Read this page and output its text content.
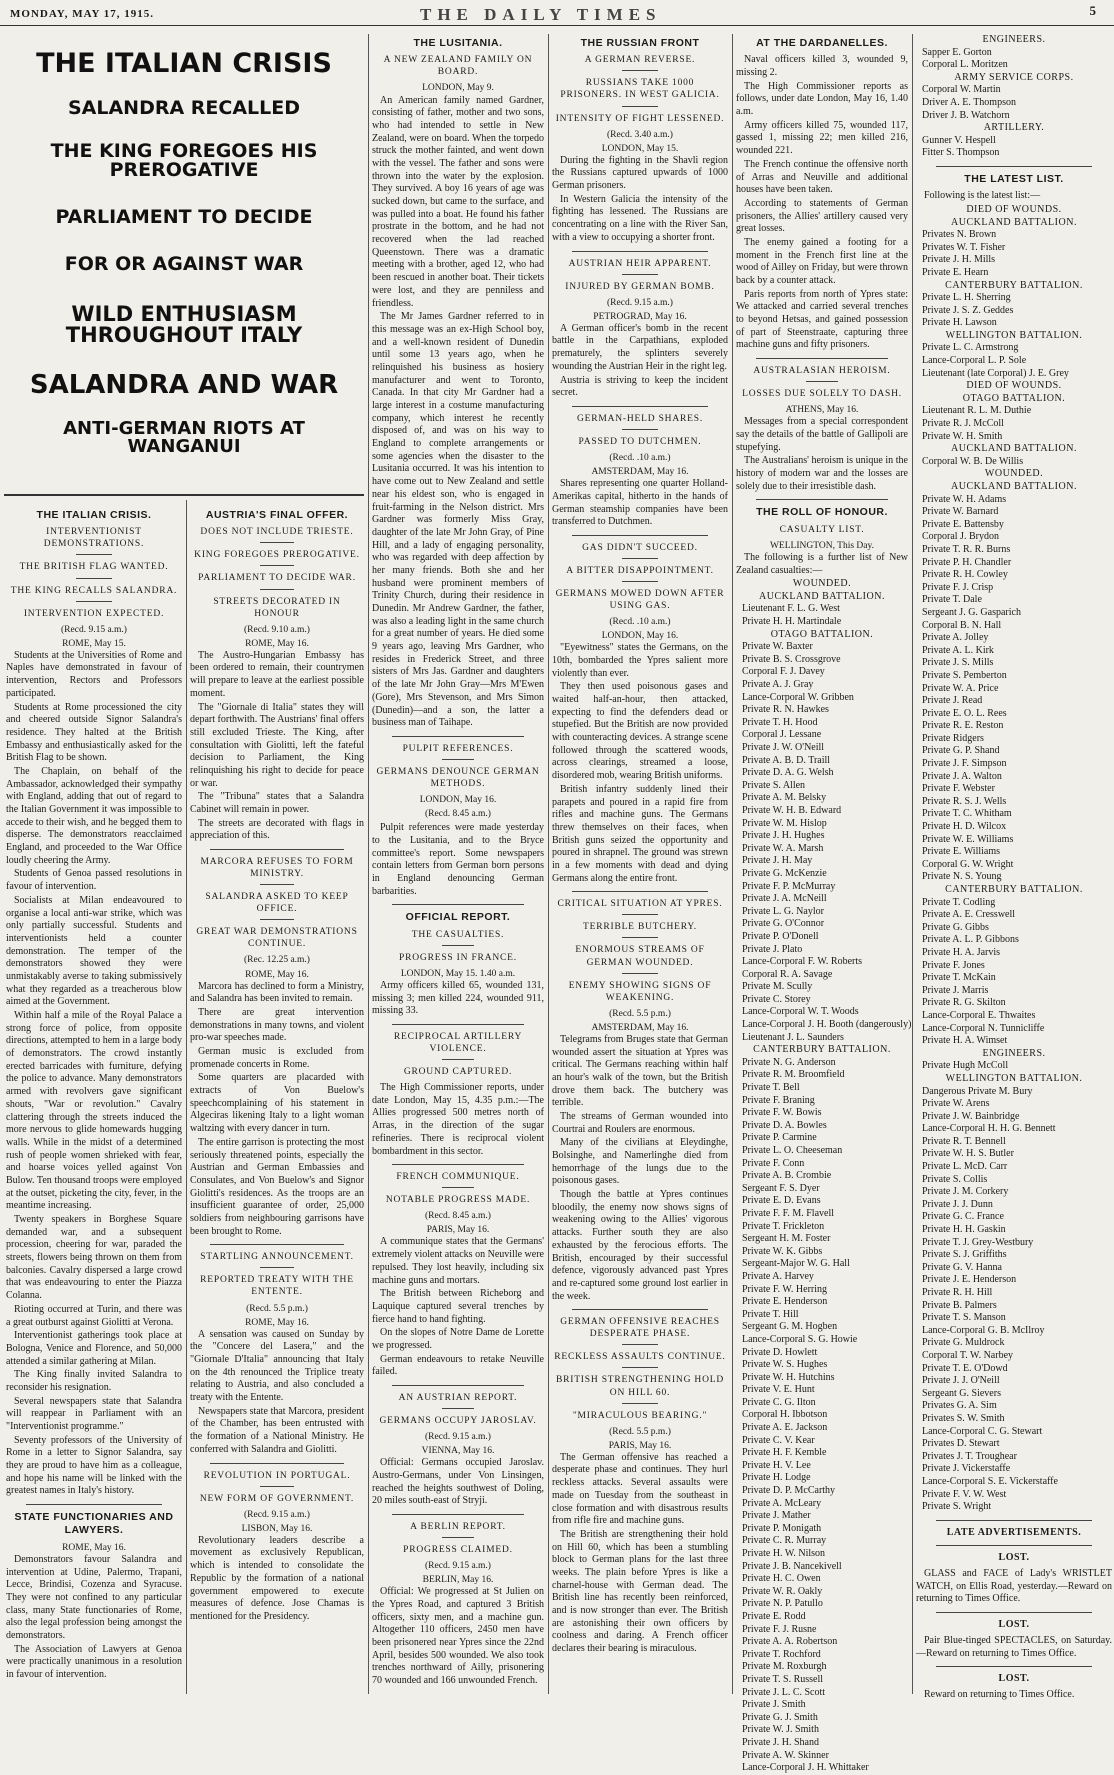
MONDAY, MAY 17, 1915.	THE DAILY TIMES	5
THE ITALIAN CRISIS
SALANDRA RECALLED
THE KING FOREGOES HIS PREROGATIVE
PARLIAMENT TO DECIDE
FOR OR AGAINST WAR
WILD ENTHUSIASM THROUGHOUT ITALY
SALANDRA AND WAR
ANTI-GERMAN RIOTS AT WANGANUI
THE ITALIAN CRISIS.
INTERVENTIONIST DEMONSTRATIONS.
THE BRITISH FLAG WANTED.
THE KING RECALLS SALANDRA.
INTERVENTION EXPECTED.
(Recd. 9.15 a.m.)
ROME, May 15.

Students at the Universities of Rome and Naples have demonstrated in favour of intervention, Rectors and Professors participated.

Students at Rome processioned the city and cheered outside Signor Salandra's residence. They halted at the British Embassy and enthusiastically asked for the British Flag to be shown.

The Chaplain, on behalf of the Ambassador, acknowledged their sympathy with England, adding that out of regard to the Italian Government it was impossible to accede to their wish, and he begged them to disperse. The demonstrators reacclaimed England, and proceeded to the War Office loudly cheering the Army.

Students of Genoa passed resolutions in favour of intervention.

Socialists at Milan endeavoured to organise a local anti-war strike, which was only partially successful. Students and interventionists held a counter demonstration. The temper of the demonstrators showed they were unmistakably averse to taking submissively what they regarded as a treacherous blow aimed at the Government.

Within half a mile of the Royal Palace a strong force of police, from opposite directions, attempted to hem in a large body of demonstrators. The crowd instantly erected barricades with furniture, defying the police to advance. Many demonstrators armed with revolvers gave significant shouts, "War or revolution." Cavalry clattering through the streets induced the more nervous to glide homewards hugging walls. While in the midst of a determined rush of people women shrieked with fear, and hoarse voices yelled against Von Bulow. Ten thousand troops were employed at the outset, picketing the city, fever, in the meantime increasing.

Twenty speakers in Borghese Square demanded war, and a subsequent procession, cheering for war, paraded the streets, flowers being thrown on them from balconies. Cavalry dispersed a large crowd that was endeavouring to enter the Piazza Colanna.

Rioting occurred at Turin, and there was a great outburst against Giolitti at Verona.

Interventionist gatherings took place at Bologna, Venice and Florence, and 50,000 attended a similar gathering at Milan.

The King finally invited Salandra to reconsider his resignation.

Several newspapers state that Salandra will reappear in Parliament with an "Interventionist programme."

Seventy professors of the University of Rome in a letter to Signor Salandra, say they are proud to have him as a colleague, and hope his name will be linked with the greatest names in Italy's history.

STATE FUNCTIONARIES AND LAWYERS.
ROME, May 16.

Demonstrators favour Salandra and intervention at Udine, Palermo, Trapani, Lecce, Brindisi, Cozenza and Syracuse. They were not confined to any particular class, many State functionaries of Rome, also the legal profession being amongst the demonstrators.

The Association of Lawyers at Genoa were practically unanimous in a resolution in favour of intervention.

AUSTRIA'S FINAL OFFER.
DOES NOT INCLUDE TRIESTE.
KING FOREGOES PREROGATIVE.
PARLIAMENT TO DECIDE WAR.
STREETS DECORATED IN HONOUR
(Recd. 9.10 a.m.)
ROME, May 16.

The Austro-Hungarian Embassy has been ordered to remain, their countrymen will prepare to leave at the earliest possible moment.

The "Giornale di Italia" states they will depart forthwith. The Austrians' final offers still excluded Trieste. The King, after consultation with Giolitti, left the fateful decision to Parliament, the King relinquishing his right to decide for peace or war.

The "Tribuna" states that a Salandra Cabinet will remain in power.

The streets are decorated with flags in appreciation of this.

MARCORA REFUSES TO FORM MINISTRY.
SALANDRA ASKED TO KEEP OFFICE.
GREAT WAR DEMONSTRATIONS CONTINUE.
(Rec. 12.25 a.m.)
ROME, May 16.

Marcora has declined to form a Ministry, and Salandra has been invited to remain.

There are great intervention demonstrations in many towns, and violent pro-war speeches made.

German music is excluded from promenade concerts in Rome.

Some quarters are placarded with extracts of Von Buelow's speechcomplaining of his statement in Algeciras likening Italy to a light woman waltzing with every dancer in turn.

The entire garrison is protecting the most seriously threatened points, especially the Austrian and German Embassies and Consulates, and Von Buelow's and Signor Giolitti's residences. As the troops are an insufficient guarantee of order, 25,000 soldiers from neighbouring garrisons have been brought to Rome.

STARTLING ANNOUNCEMENT.
REPORTED TREATY WITH THE ENTENTE.
(Recd. 5.5 p.m.)
ROME, May 16.

A sensation was caused on Sunday by the "Concere del Lasera," and the "Giornale D'Italia" announcing that Italy on the 4th renounced the Triplice treaty relating to Austria, and also concluded a treaty with the Entente.

Newspapers state that Marcora, president of the Chamber, has been entrusted with the formation of a National Ministry. He conferred with Salandra and Giolitti.

REVOLUTION IN PORTUGAL.
NEW FORM OF GOVERNMENT.
(Recd. 9.15 a.m.)
LISBON, May 16.

Revolutionary leaders describe a movement as exclusively Republican, which is intended to consolidate the Republic by the formation of a national government empowered to execute measures of defence. Jose Chamas is mentioned for the Presidency.

THE LUSITANIA.
A NEW ZEALAND FAMILY ON BOARD.
LONDON, May 9.

An American family named Gardner, consisting of father, mother and two sons, who had intended to settle in New Zealand, were on board. When the torpedo struck the mother fainted, and went down with the vessel. The father and sons were thrown into the water by the explosion. They survived. A boy 16 years of age was sucked down, but came to the surface, and was pulled into a boat. He found his father prostrate in the bottom, and he had not recovered when the lad reached Queenstown. There was a dramatic meeting with a brother, aged 12, who had been rescued in another boat. Their tickets were lost, and they are penniless and friendless.

The Mr James Gardner referred to in this message was an ex-High School boy, and a well-known resident of Dunedin until some 13 years ago, when he relinquished his business as hosiery manufacturer and went to Toronto, Canada. In that city Mr Gardner had a large interest in a costume manufacturing company, which interest he recently disposed of, and was on his way to England to complete arrangements or some agencies when the disaster to the Lusitania occurred. It was his intention to have come out to New Zealand and settle near his eldest son, who is engaged in fruit-farming in the Nelson district. Mrs Gardner was formerly Miss Gray, daughter of the late Mr John Gray, of Pine Hill, and a lady of engaging personality, who was regarded with deep affection by her many friends. Both she and her husband were prominent members of Trinity Church, during their residence in Dunedin. Mr Andrew Gardner, the father, was also a leading light in the same church for a great number of years. He died some 9 years ago, leaving Mrs Gardner, who resides in Frederick Street, and three sisters of Mrs Jas. Gardner and daughters of the late Mr John Gray—Mrs M'Ewen (Gore), Mrs Stevenson, and Mrs Simon (Dunedin)—and a son, the latter a business man of Taihape.

PULPIT REFERENCES.
GERMANS DENOUNCE GERMAN METHODS.
LONDON, May 16.
(Recd. 8.45 a.m.)

Pulpit references were made yesterday to the Lusitania, and to the Bryce committee's report. Some newspapers contain letters from German born persons in England denouncing German barbarities.

OFFICIAL REPORT.
THE CASUALTIES.
PROGRESS IN FRANCE.
LONDON, May 15. 1.40 a.m.

Army officers killed 65, wounded 131, missing 3; men killed 224, wounded 911, missing 33.

RECIPROCAL ARTILLERY VIOLENCE.
GROUND CAPTURED.

The High Commissioner reports, under date London, May 15, 4.35 p.m.:—The Allies progressed 500 metres north of Arras, in the direction of the sugar refineries. There is reciprocal violent bombardment in this sector.

FRENCH COMMUNIQUE.
NOTABLE PROGRESS MADE.
(Recd. 8.45 a.m.)
PARIS, May 16.

A communique states that the Germans' extremely violent attacks on Neuville were repulsed. They lost heavily, including six machine guns and mortars.

The British between Richeborg and Laquique captured several trenches by fierce hand to hand fighting.

On the slopes of Notre Dame de Lorette we progressed.

German endeavours to retake Neuville failed.

AN AUSTRIAN REPORT.
GERMANS OCCUPY JAROSLAV.
(Recd. 9.15 a.m.)
VIENNA, May 16.

Official: Germans occupied Jaroslav. Austro-Germans, under Von Linsingen, reached the heights southwest of Doling, 20 miles south-east of Stryji.

A BERLIN REPORT.
PROGRESS CLAIMED.
(Recd. 9.15 a.m.)
BERLIN, May 16.

Official: We progressed at St Julien on the Ypres Road, and captured 3 British officers, sixty men, and a machine gun. Altogether 110 officers, 2450 men have been prisonered near Ypres since the 22nd April, besides 500 wounded. We also took trenches northward of Ailly, prisonering 70 wounded and 166 unwounded French.

THE RUSSIAN FRONT
A GERMAN REVERSE.
RUSSIANS TAKE 1000 PRISONERS. IN WEST GALICIA.
INTENSITY OF FIGHT LESSENED.
(Recd. 3.40 a.m.)
LONDON, May 15.

During the fighting in the Shavli region the Russians captured upwards of 1000 German prisoners.

In Western Galicia the intensity of the fighting has lessened. The Russians are concentrating on a line with the River San, with a view to occupying a shorter front.

AUSTRIAN HEIR APPARENT.
INJURED BY GERMAN BOMB.
(Recd. 9.15 a.m.)
PETROGRAD, May 16.

A German officer's bomb in the recent battle in the Carpathians, exploded prematurely, the splinters severely wounding the Austrian Heir in the right leg.

Austria is striving to keep the incident secret.

GERMAN-HELD SHARES.
PASSED TO DUTCHMEN.
(Recd. .10 a.m.)
AMSTERDAM, May 16.

Shares representing one quarter Holland-Amerikas capital, hitherto in the hands of German steamship companies have been transferred to Dutchmen.

GAS DIDN'T SUCCEED.
A BITTER DISAPPOINTMENT.
GERMANS MOWED DOWN AFTER USING GAS.
(Recd. .10 a.m.)
LONDON, May 16.

"Eyewitness" states the Germans, on the 10th, bombarded the Ypres salient more violently than ever.

They then used poisonous gases and waited half-an-hour, then attacked, expecting to find the defenders dead or stupefied. But the British are now provided with counteracting devices. A strange scene followed through the scattered woods, across clearings, streamed a loose, disordered mob, wearing British uniforms.

British infantry suddenly lined their parapets and poured in a rapid fire from rifles and machine guns. The Germans threw themselves on their faces, when British guns seized the opportunity and poured in shrapnel. The ground was strewn in a few moments with dead and dying Germans along the entire front.

CRITICAL SITUATION AT YPRES.
TERRIBLE BUTCHERY.
ENORMOUS STREAMS OF GERMAN WOUNDED.
ENEMY SHOWING SIGNS OF WEAKENING.
(Recd. 5.5 p.m.)
AMSTERDAM, May 16.

Telegrams from Bruges state that German wounded assert the situation at Ypres was critical. The Germans reaching within half an hour's walk of the town, but the British drove them back. The butchery was terrible.

The streams of German wounded into Courtrai and Roulers are enormous.

Many of the civilians at Eleydinghe, Bolsinghe, and Namerlinghe died from hemorrhage of the lungs due to the poisonous gases.

Though the battle at Ypres continues bloodily, the enemy now shows signs of weakening owing to the Allies' vigorous attacks. Further south they are also exhausted by the ferocious efforts. The British, encouraged by their successful defence, vigorously advanced past Ypres and re-captured some ground lost earlier in the week.

GERMAN OFFENSIVE REACHES DESPERATE PHASE.
RECKLESS ASSAULTS CONTINUE.
BRITISH STRENGTHENING HOLD ON HILL 60.
"MIRACULOUS BEARING."
(Recd. 5.5 p.m.)
PARIS, May 16.

The German offensive has reached a desperate phase and continues. They hurl reckless attacks. Several assaults were made on Tuesday from the southeast in close formation and with disastrous results from rifle fire and machine guns.

The British are strengthening their hold on Hill 60, which has been a stumbling block to German plans for the last three weeks. The plain before Ypres is like a charnel-house with German dead. The British line has recently been reinforced, and is now stronger than ever. The British are astonishing their own officers by coolness and daring. A French officer declares their bearing is miraculous.

AT THE DARDANELLES.

Naval officers killed 3, wounded 9, missing 2.

The High Commissioner reports as follows, under date London, May 16, 1.40 a.m.

Army officers killed 75, wounded 117, gassed 1, missing 22; men killed 216, wounded 221.

The French continue the offensive north of Arras and Neuville and additional houses have been taken.

According to statements of German prisoners, the Allies' artillery caused very great losses.

The enemy gained a footing for a moment in the French first line at the wood of Ailley on Friday, but were thrown back by a counter attack.

Paris reports from north of Ypres state: We attacked and carried several trenches to beyond Hetsas, and gained possession of part of Steenstraate, capturing three machine guns and fifty prisoners.

AUSTRALASIAN HEROISM.
LOSSES DUE SOLELY TO DASH.
ATHENS, May 16.

Messages from a special correspondent say the details of the battle of Gallipoli are stupefying.

The Australians' heroism is unique in the history of modern war and the losses are solely due to their irresistible dash.

THE ROLL OF HONOUR.
CASUALTY LIST.
WELLINGTON, This Day.

The following is a further list of New Zealand casualties:—

WOUNDED.
AUCKLAND BATTALION.
Lieutenant F. L. G. West
Private H. H. Martindale
OTAGO BATTALION.
Private W. Baxter
Private B. S. Crossgrove
Corporal F. J. Davey
Private A. J. Gray
Lance-Corporal W. Gribben
Private R. N. Hawkes
Private T. H. Hood
Corporal J. Lessane
Private J. W. O'Neill
Private A. B. D. Traill
Private D. A. G. Welsh
Private S. Allen
Private A. M. Belsky
Private W. H. B. Edward
Private W. M. Hislop
Private J. H. Hughes
Private W. A. Marsh
Private J. H. May
Private G. McKenzie
Private F. P. McMurray
Private J. A. McNeill
Private L. G. Naylor
Private G. O'Connor
Private P. O'Donell
Private J. Plato
Lance-Corporal F. W. Roberts
Corporal R. A. Savage
Private M. Scully
Private C. Storey
Lance-Corporal W. T. Woods
Lance-Corporal J. H. Booth (dangerously)
Lieutenant J. L. Saunders
CANTERBURY BATTALION.
Private N. G. Anderson
Private R. M. Broomfield
Private T. Bell
Private F. Braning
Private F. W. Bowis
Private D. A. Bowles
Private P. Carmine
Private L. O. Cheeseman
Private F. Conn
Private A. B. Crombie
Sergeant F. S. Dyer
Private E. D. Evans
Private F. F. M. Flavell
Private T. Frickleton
Sergeant H. M. Foster
Private W. K. Gibbs
Sergeant-Major W. G. Hall
Private A. Harvey
Private F. W. Herring
Private E. Henderson
Private T. Hill
Sergeant G. M. Hogben
Lance-Corporal S. G. Howie
Private D. Howlett
Private W. S. Hughes
Private W. H. Hutchins
Private V. E. Hunt
Private C. G. Ilton
Corporal H. Ibbotson
Private A. E. Jackson
Private C. V. Kear
Private H. F. Kemble
Private H. V. Lee
Private H. Lodge
Private D. P. McCarthy
Private A. McLeary
Private J. Mather
Private P. Monigath
Private C. R. Murray
Private H. W. Nilson
Private J. B. Nancekivell
Private H. C. Owen
Private W. R. Oakly
Private N. P. Patullo
Private E. Rodd
Private F. J. Rusne
Private A. A. Robertson
Private T. Rochford
Private M. Roxburgh
Private T. S. Russell
Private J. L. C. Scott
Private J. Smith
Private G. J. Smith
Private W. J. Smith
Private J. H. Shand
Private A. W. Skinner
Lance-Corporal J. H. Whittaker
ENGINEERS.
Sapper E. Gorton
Corporal L. Moritzen
ARMY SERVICE CORPS.
Corporal W. Martin
Driver A. E. Thompson
Driver J. B. Watchorn
ARTILLERY.
Gunner V. Hespell
Fitter S. Thompson
THE LATEST LIST.

Following is the latest list:—

DIED OF WOUNDS.
AUCKLAND BATTALION.
Privates N. Brown
Privates W. T. Fisher
Private J. H. Mills
Private E. Hearn
CANTERBURY BATTALION.
Private L. H. Sherring
Private J. S. Z. Geddes
Private H. Lawson
WELLINGTON BATTALION.
Private L. C. Armstrong
Lance-Corporal L. P. Sole
Lieutenant (late Corporal) J. E. Grey
DIED OF WOUNDS.
OTAGO BATTALION.
Lieutenant R. L. M. Duthie
Private R. J. McColl
Private W. H. Smith
AUCKLAND BATTALION.
Corporal W. B. De Willis
WOUNDED.
AUCKLAND BATTALION.
Private W. H. Adams
Private W. Barnard
Private E. Battensby
Corporal J. Brydon
Private T. R. R. Burns
Private P. H. Chandler
Private R. H. Cowley
Private F. J. Crisp
Private T. Dale
Sergeant J. G. Gasparich
Corporal B. N. Hall
Private A. Jolley
Private A. L. Kirk
Private J. S. Mills
Private S. Pemberton
Private W. A. Price
Private J. Read
Private E. O. L. Rees
Private R. E. Reston
Private Ridgers
Private G. P. Shand
Private J. F. Simpson
Private J. A. Walton
Private F. Webster
Private R. S. J. Wells
Private T. C. Whitham
Private H. D. Wilcox
Private W. E. Williams
Private E. Williams
Corporal G. W. Wright
Private N. S. Young
CANTERBURY BATTALION.
Private T. Codling
Private A. E. Cresswell
Private G. Gibbs
Private A. L. P. Gibbons
Private H. A. Jarvis
Private F. Jones
Private T. McKain
Private J. Marris
Private R. G. Skilton
Lance-Corporal E. Thwaites
Lance-Corporal N. Tunnicliffe
Private H. A. Wimset
ENGINEERS.
Private Hugh McColl
WELLINGTON BATTALION.
Dangerous Private M. Bury
Private W. Arens
Private J. W. Bainbridge
Lance-Corporal H. H. G. Bennett
Private R. T. Bennell
Private W. H. S. Butler
Private L. McD. Carr
Private S. Collis
Private J. M. Corkery
Private J. J. Dunn
Private G. C. France
Private H. H. Gaskin
Private T. J. Grey-Westbury
Private S. J. Griffiths
Private G. V. Hanna
Private J. E. Henderson
Private R. H. Hill
Private B. Palmers
Private T. S. Manson
Lance-Corporal G. B. McIlroy
Private G. Muldrock
Corporal T. W. Narbey
Private T. E. O'Dowd
Private J. J. O'Neill
Sergeant G. Sievers
Privates G. A. Sim
Privates S. W. Smith
Lance-Corporal C. G. Stewart
Privates D. Stewart
Privates J. T. Troughear
Private J. Vickerstaffe
Lance-Corporal S. E. Vickerstaffe
Private F. V. W. West
Private S. Wright
LATE ADVERTISEMENTS.
LOST.

GLASS and FACE of Lady's WRISTLET WATCH, on Ellis Road, yesterday.—Reward on returning to Times Office.

LOST.

Pair Blue-tinged SPECTACLES, on Saturday.—Reward on returning to Times Office.

LOST.

Reward on returning to Times Office.
